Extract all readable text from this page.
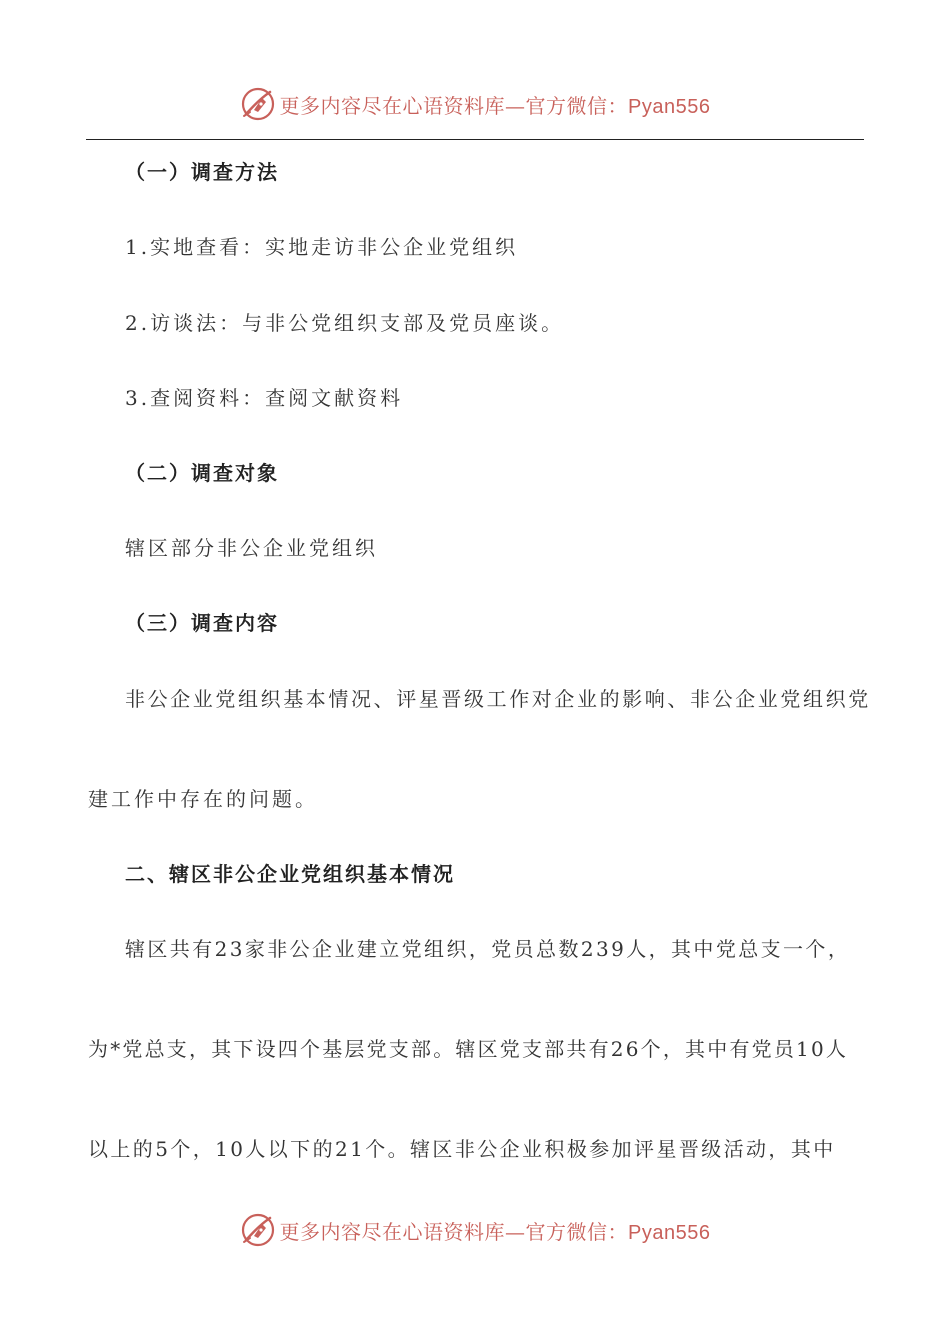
更多内容尽在心语资料库—官方微信：Pyan556
（一）调查方法
1.实地查看：实地走访非公企业党组织
2.访谈法：与非公党组织支部及党员座谈。
3.查阅资料：查阅文献资料
（二）调查对象
辖区部分非公企业党组织
（三）调查内容
非公企业党组织基本情况、评星晋级工作对企业的影响、非公企业党组织党
建工作中存在的问题。
二、辖区非公企业党组织基本情况
辖区共有23家非公企业建立党组织，党员总数239人，其中党总支一个，
为*党总支，其下设四个基层党支部。辖区党支部共有26个，其中有党员10人
以上的5个，10人以下的21个。辖区非公企业积极参加评星晋级活动，其中
更多内容尽在心语资料库—官方微信：Pyan556
